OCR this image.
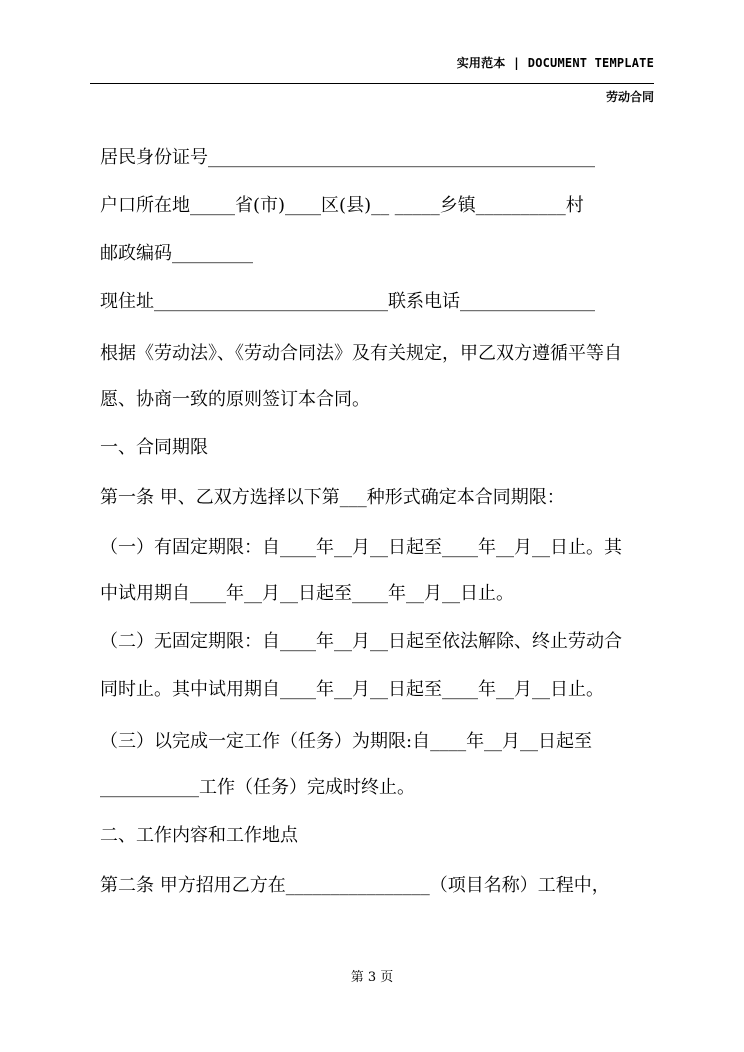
实用范本 | DOCUMENT TEMPLATE
劳动合同
居民身份证号___________________________________________
户口所在地_____省(市)____区(县)__ _____乡镇__________村
邮政编码_________
现住址__________________________联系电话_______________
根据《劳动法》、《劳动合同法》及有关规定，甲乙双方遵循平等自
愿、协商一致的原则签订本合同。
一、合同期限
第一条 甲、乙双方选择以下第___种形式确定本合同期限：
（一）有固定期限：自____年__月__日起至____年__月__日止。其
中试用期自____年__月__日起至____年__月__日止。
（二）无固定期限：自____年__月__日起至依法解除、终止劳动合
同时止。其中试用期自____年__月__日起至____年__月__日止。
（三）以完成一定工作（任务）为期限:自____年__月__日起至
___________工作（任务）完成时终止。
二、工作内容和工作地点
第二条 甲方招用乙方在________________（项目名称）工程中，
第 3 页
